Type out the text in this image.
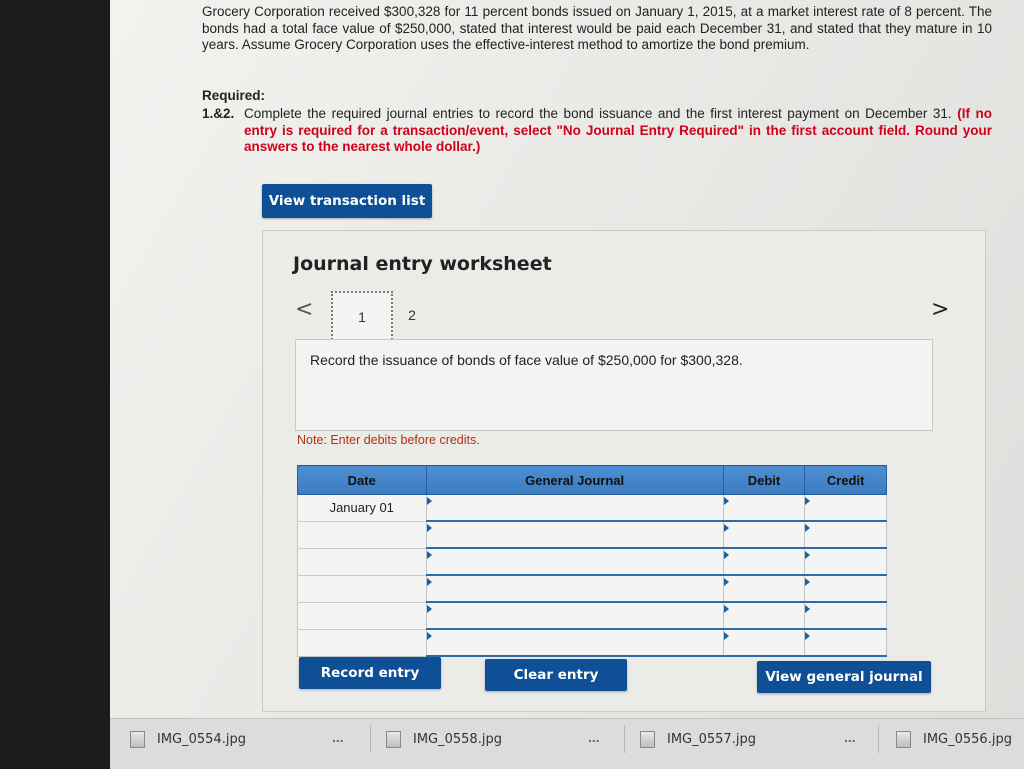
Grocery Corporation received $300,328 for 11 percent bonds issued on January 1, 2015, at a market interest rate of 8 percent. The bonds had a total face value of $250,000, stated that interest would be paid each December 31, and stated that they mature in 10 years. Assume Grocery Corporation uses the effective-interest method to amortize the bond premium.
Required:
1.&2. Complete the required journal entries to record the bond issuance and the first interest payment on December 31. (If no entry is required for a transaction/event, select "No Journal Entry Required" in the first account field. Round your answers to the nearest whole dollar.)
View transaction list
Journal entry worksheet
<	1	2	>
Record the issuance of bonds of face value of $250,000 for $300,328.
Note: Enter debits before credits.
Date	General Journal	Debit	Credit
January 01			

Record entry	Clear entry	View general journal
IMG_0554.jpg	...	IMG_0558.jpg	...	IMG_0557.jpg	...	IMG_0556.jpg
